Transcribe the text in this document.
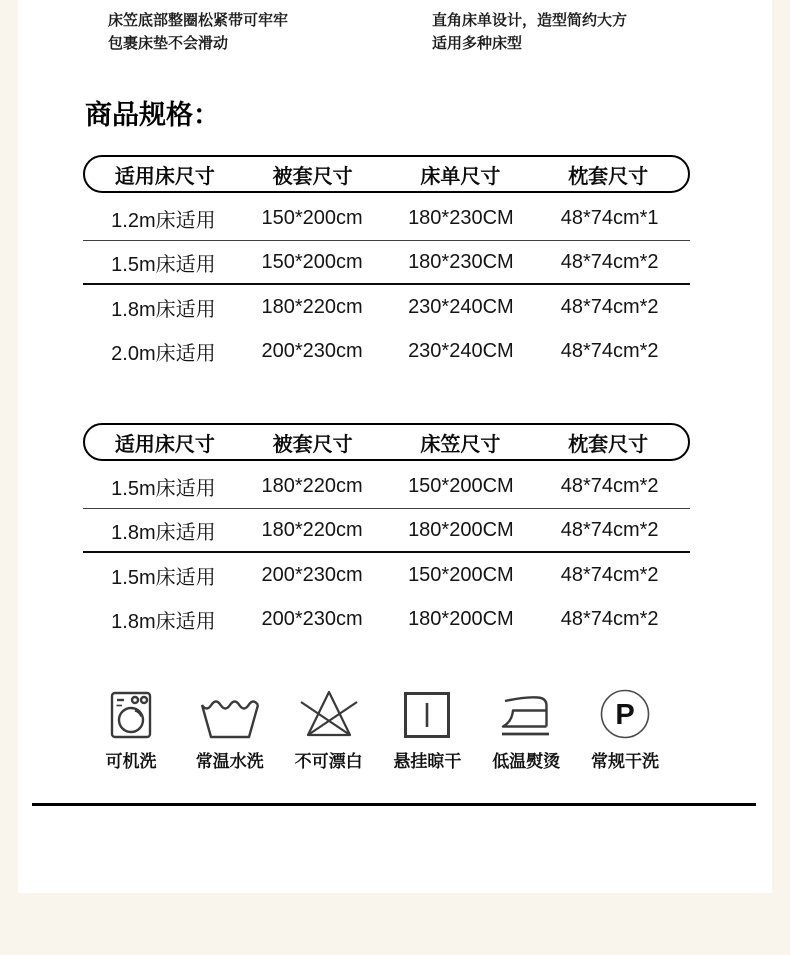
床笠底部整圈松紧带可牢牢
包裹床垫不会滑动
直角床单设计，造型简约大方
适用多种床型
商品规格：
适用床尺寸	被套尺寸	床单尺寸	枕套尺寸
1.2m床适用	150*200cm	180*230CM	48*74cm*1
1.5m床适用	150*200cm	180*230CM	48*74cm*2
1.8m床适用	180*220cm	230*240CM	48*74cm*2
2.0m床适用	200*230cm	230*240CM	48*74cm*2
适用床尺寸	被套尺寸	床笠尺寸	枕套尺寸
1.5m床适用	180*220cm	150*200CM	48*74cm*2
1.8m床适用	180*220cm	180*200CM	48*74cm*2
1.5m床适用	200*230cm	150*200CM	48*74cm*2
1.8m床适用	200*230cm	180*200CM	48*74cm*2
可机洗 常温水洗 不可漂白 悬挂晾干 低温熨烫
P
常规干洗
